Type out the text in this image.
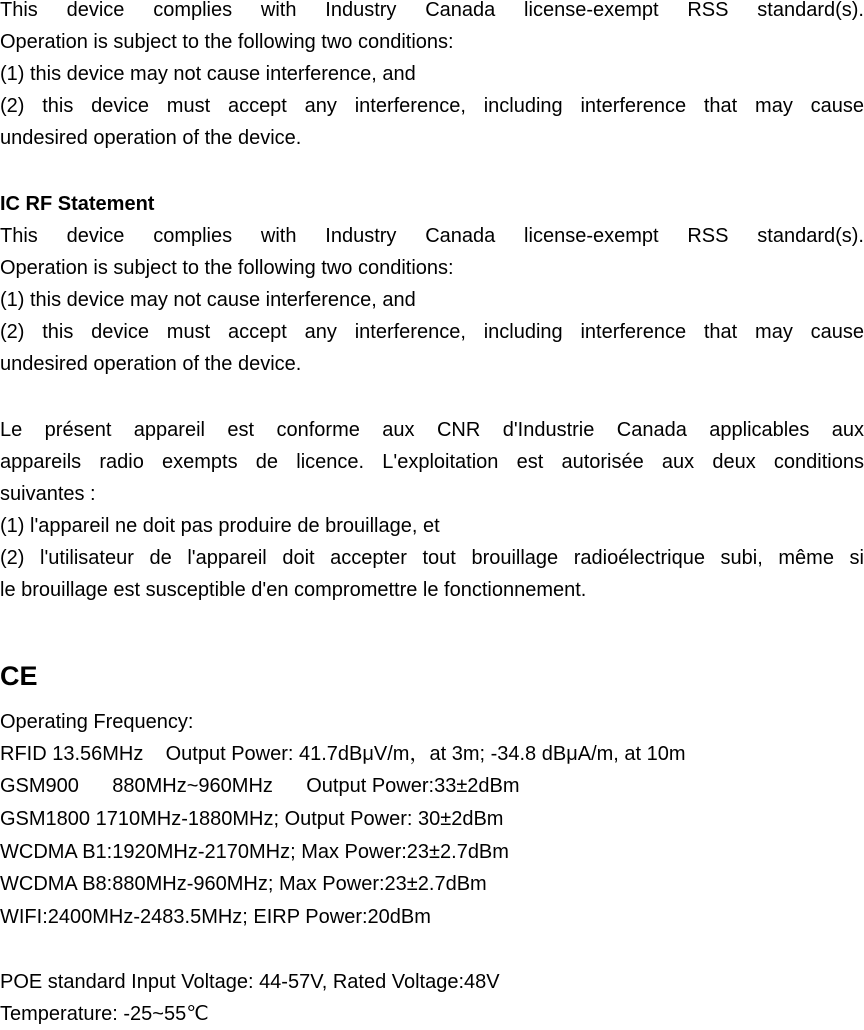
This device complies with Industry Canada license-exempt RSS standard(s).

Operation is subject to the following two conditions:

(1) this device may not cause interference, and

(2) this device must accept any interference, including interference that may cause

undesired operation of the device.

IC RF Statement

This device complies with Industry Canada license-exempt RSS standard(s).

Operation is subject to the following two conditions:

(1) this device may not cause interference, and

(2) this device must accept any interference, including interference that may cause

undesired operation of the device.

Le présent appareil est conforme aux CNR d'Industrie Canada applicables aux

appareils radio exempts de licence. L'exploitation est autorisée aux deux conditions

suivantes :

(1) l'appareil ne doit pas produire de brouillage, et

(2) l'utilisateur de l'appareil doit accepter tout brouillage radioélectrique subi, même si

le brouillage est susceptible d'en compromettre le fonctionnement.

CE

Operating Frequency:

RFID 13.56MHz    Output Power: 41.7dBμV/m，at 3m; -34.8 dBμA/m, at 10m

GSM900      880MHz~960MHz      Output Power:33±2dBm

GSM1800 1710MHz-1880MHz; Output Power: 30±2dBm

WCDMA B1:1920MHz-2170MHz; Max Power:23±2.7dBm

WCDMA B8:880MHz-960MHz; Max Power:23±2.7dBm

WIFI:2400MHz-2483.5MHz; EIRP Power:20dBm

POE standard Input Voltage: 44-57V, Rated Voltage:48V

Temperature: -25~55℃
